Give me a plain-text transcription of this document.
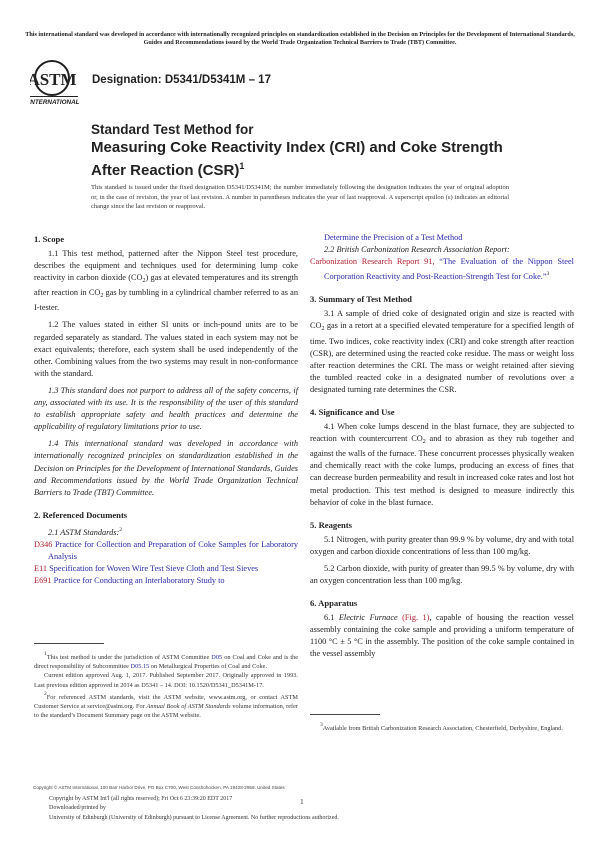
This international standard was developed in accordance with internationally recognized principles on standardization established in the Decision on Principles for the Development of International Standards, Guides and Recommendations issued by the World Trade Organization Technical Barriers to Trade (TBT) Committee.
ASTM
INTERNATIONAL
Designation: D5341/D5341M – 17
Standard Test Method for
Measuring Coke Reactivity Index (CRI) and Coke Strength
After Reaction (CSR)$^1$
This standard is issued under the fixed designation D5341/D5341M; the number immediately following the designation indicates the year of original adoption or, in the case of revision, the year of last revision. A number in parentheses indicates the year of last reapproval. A superscript epsilon (ε) indicates an editorial change since the last revision or reapproval.
1. Scope

1.1 This test method, patterned after the Nippon Steel test procedure, describes the equipment and techniques used for determining lump coke reactivity in carbon dioxide $(CO_2)$ gas at elevated temperatures and its strength after reaction in $CO_2$ gas by tumbling in a cylindrical chamber referred to as an I-tester.

1.2 The values stated in either SI units or inch-pound units are to be regarded separately as standard. The values stated in each system may not be exact equivalents; therefore, each system shall be used independently of the other. Combining values from the two systems may result in non-conformance with the standard.

1.3 This standard does not purport to address all of the safety concerns, if any, associated with its use. It is the responsibility of the user of this standard to establish appropriate safety and health practices and determine the applicability of regulatory limitations prior to use.

1.4 This international standard was developed in accordance with internationally recognized principles on standardization established in the Decision on Principles for the Development of International Standards, Guides and Recommendations issued by the World Trade Organization Technical Barriers to Trade (TBT) Committee.

2. Referenced Documents

2.1 ASTM Standards:$^2$

D346 Practice for Collection and Preparation of Coke Samples for Laboratory Analysis
E11 Specification for Woven Wire Test Sieve Cloth and Test Sieves
E691 Practice for Conducting an Interlaboratory Study to

1This test method is under the jurisdiction of ASTM Committee D05 on Coal and Coke and is the direct responsibility of Subcommittee D05.15 on Metallurgical Properties of Coal and Coke.

Current edition approved Aug. 1, 2017. Published September 2017. Originally approved in 1993. Last previous edition approved in 2014 as D5341 – 14. DOI: 10.1520/D5341_D5341M-17.

2For referenced ASTM standards, visit the ASTM website, www.astm.org, or contact ASTM Customer Service at service@astm.org. For Annual Book of ASTM Standards volume information, refer to the standard’s Document Summary page on the ASTM website.

Determine the Precision of a Test Method

2.2 British Carbonization Research Association Report:

Carbonization Research Report 91, “The Evaluation of the Nippon Steel Corporation Reactivity and Post-Reaction-Strength Test for Coke.”$^3$
3. Summary of Test Method

3.1 A sample of dried coke of designated origin and size is reacted with $CO_2$ gas in a retort at a specified elevated temperature for a specified length of time. Two indices, coke reactivity index (CRI) and coke strength after reaction (CSR), are determined using the reacted coke residue. The mass or weight loss after reaction determines the CRI. The mass or weight retained after sieving the tumbled reacted coke in a designated number of revolutions over a designated turning rate determines the CSR.

4. Significance and Use

4.1 When coke lumps descend in the blast furnace, they are subjected to reaction with countercurrent $CO_2$ and to abrasion as they rub together and against the walls of the furnace. These concurrent processes physically weaken and chemically react with the coke lumps, producing an excess of fines that can decrease burden permeability and result in increased coke rates and lost hot metal production. This test method is designed to measure indirectly this behavior of coke in the blast furnace.

5. Reagents

5.1 Nitrogen, with purity greater than 99.9 % by volume, dry and with total oxygen and carbon dioxide concentrations of less than 100 mg/kg.

5.2 Carbon dioxide, with purity of greater than 99.5 % by volume, dry with an oxygen concentration less than 100 mg/kg.

6. Apparatus

6.1 Electric Furnace (Fig. 1), capable of housing the reaction vessel assembly containing the coke sample and providing a uniform temperature of 1100 °C ± 5 °C in the assembly. The position of the coke sample contained in the vessel assembly

3Available from British Carbonization Research Association, Chesterfield, Derbyshire, England.

Copyright © ASTM International, 100 Barr Harbor Drive, PO Box C700, West Conshohocken, PA 19428-2959. United States
Copyright by ASTM Int'l (all rights reserved); Fri Oct 6 23:39:20 EDT 2017
Downloaded/printed by
University of Edinburgh (University of Edinburgh) pursuant to License Agreement. No further reproductions authorized.
1
